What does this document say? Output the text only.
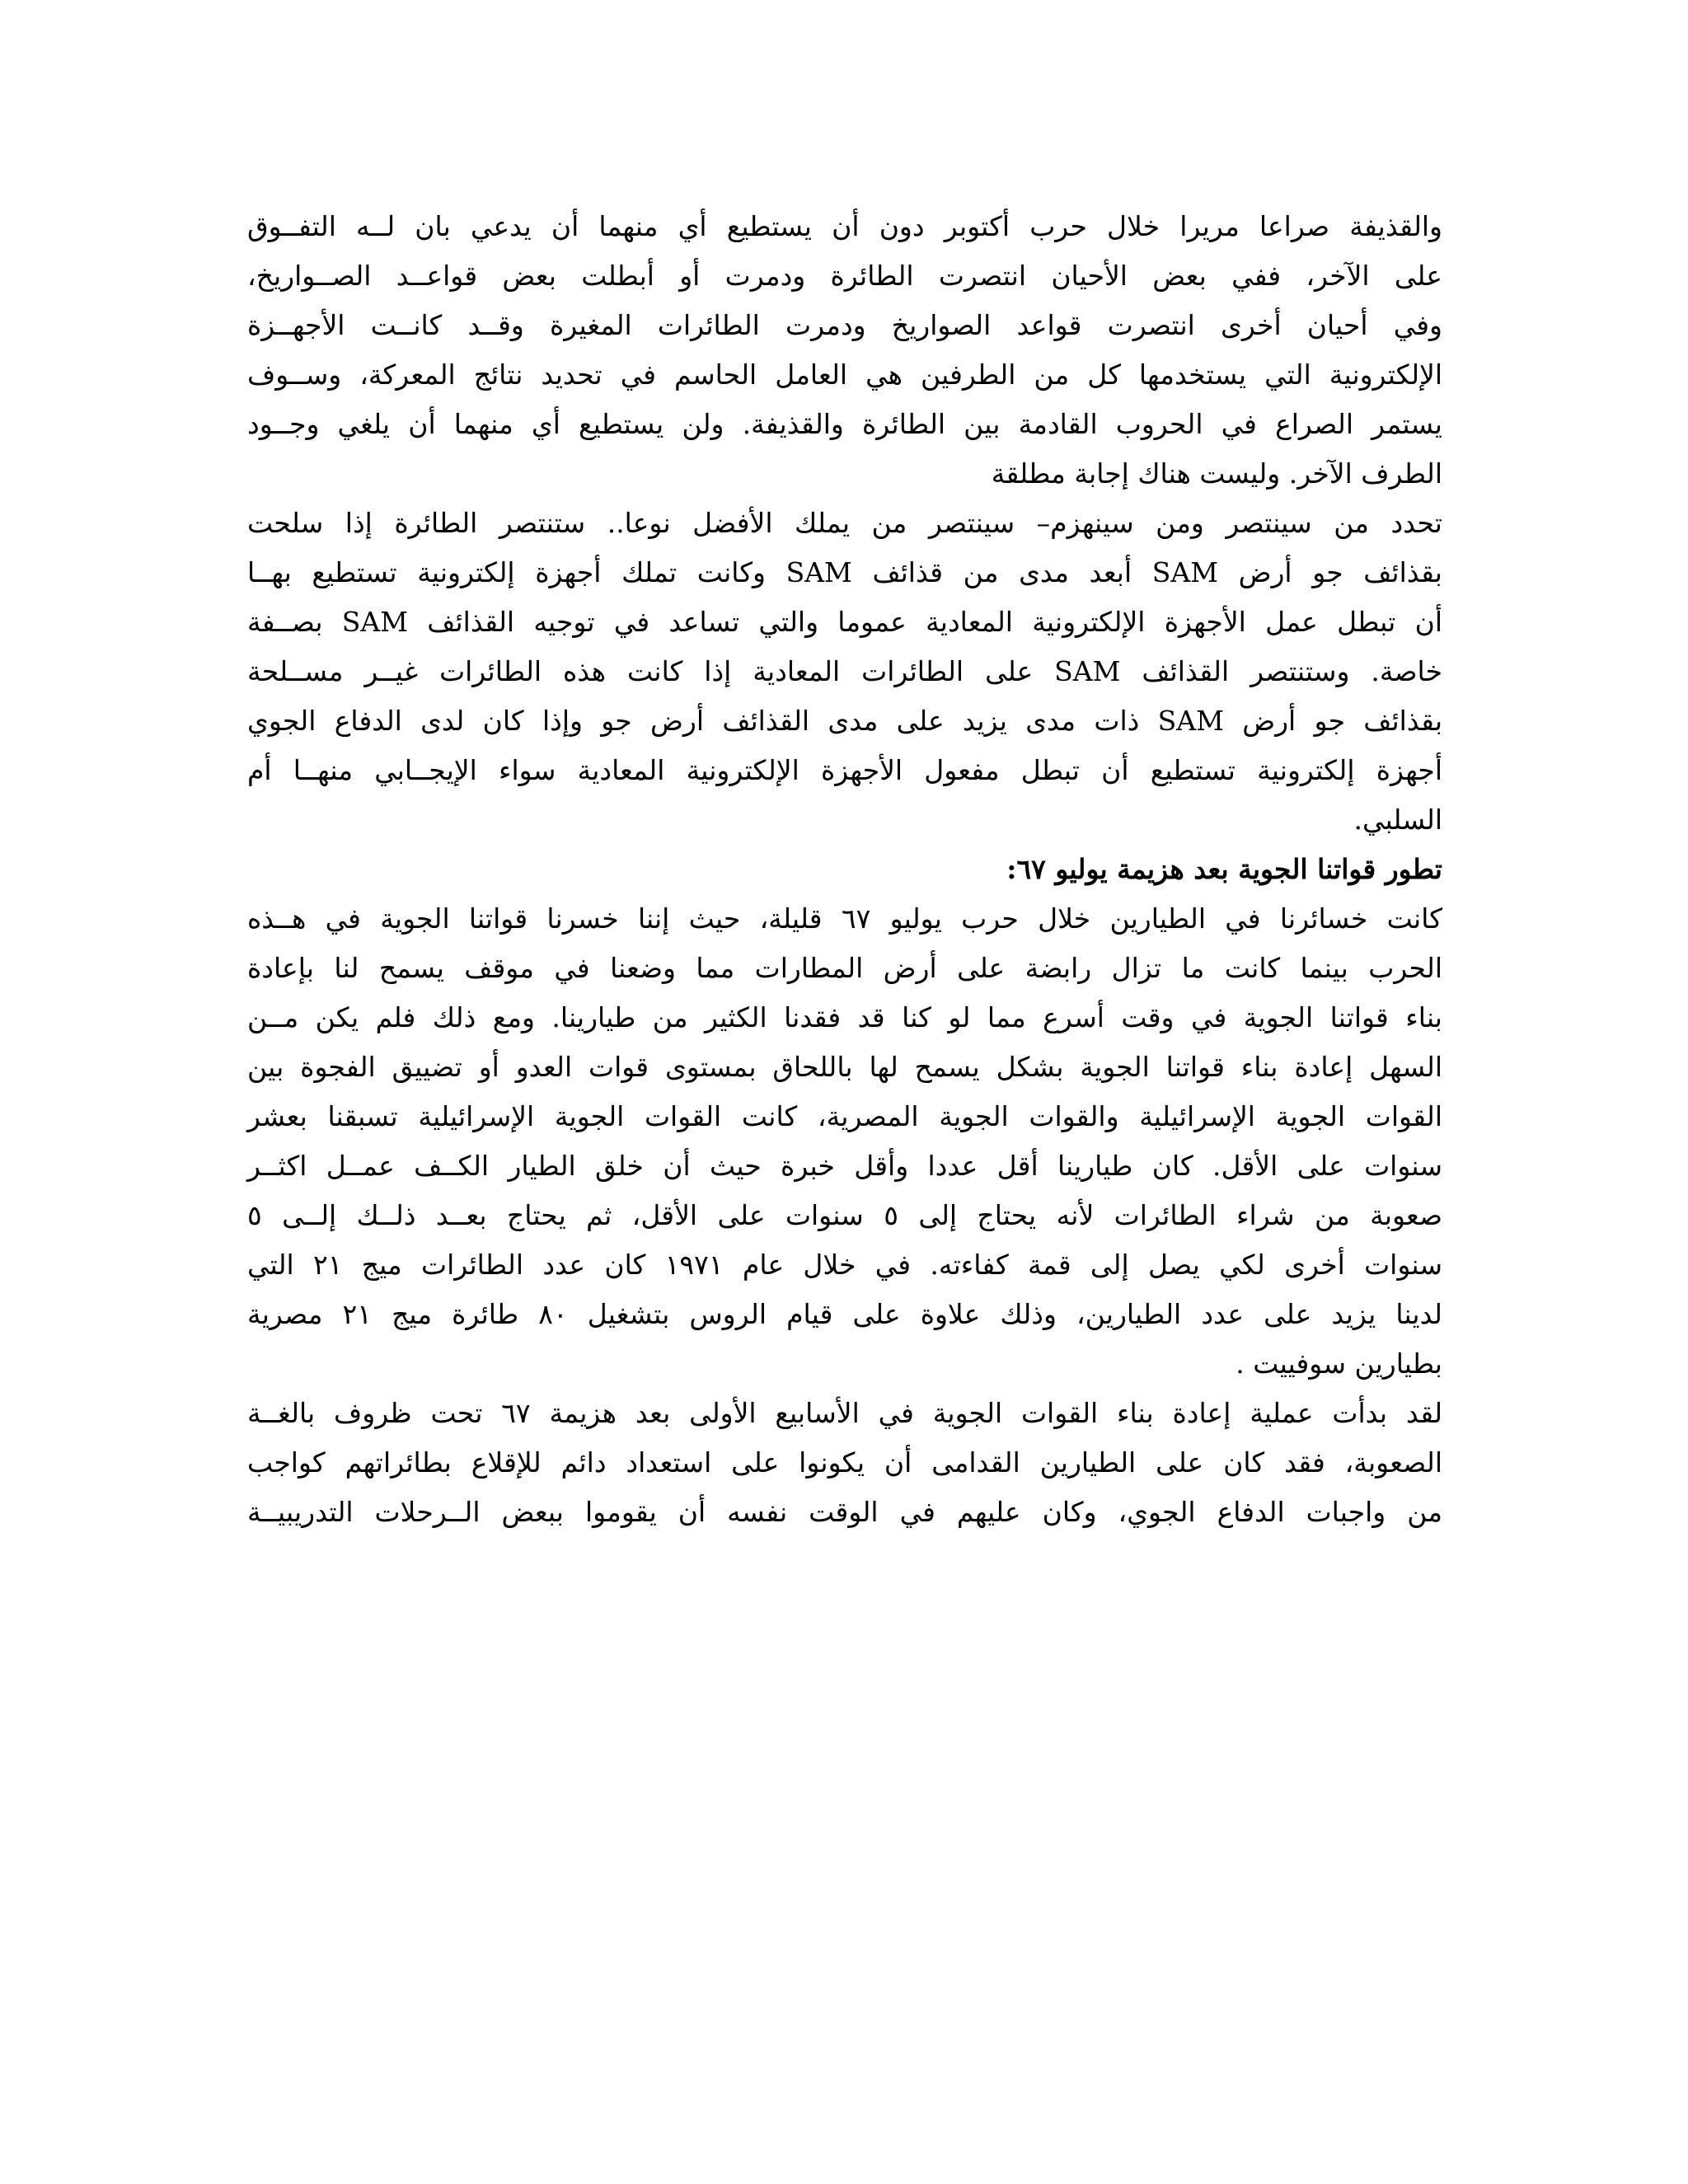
والقذيفة صراعا مريرا خلال حرب أكتوبر دون أن يستطيع أي منهما أن يدعي بان لــه التفــوق
على الآخر، ففي بعض الأحيان انتصرت الطائرة ودمرت أو أبطلت بعض قواعــد الصــواريخ،
وفي أحيان أخرى انتصرت قواعد الصواريخ ودمرت الطائرات المغيرة وقــد كانــت الأجهــزة
الإلكترونية التي يستخدمها كل من الطرفين هي العامل الحاسم في تحديد نتائج المعركة، وســوف
يستمر الصراع في الحروب القادمة بين الطائرة والقذيفة. ولن يستطيع أي منهما أن يلغي وجــود
الطرف الآخر. وليست هناك إجابة مطلقة
تحدد من سينتصر ومن سينهزم– سينتصر من يملك الأفضل نوعا.. ستنتصر الطائرة إذا سلحت
بقذائف جو أرض SAM أبعد مدى من قذائف SAM وكانت تملك أجهزة إلكترونية تستطيع بهــا
أن تبطل عمل الأجهزة الإلكترونية المعادية عموما والتي تساعد في توجيه القذائف SAM بصــفة
خاصة. وستنتصر القذائف SAM على الطائرات المعادية إذا كانت هذه الطائرات غيــر مســلحة
بقذائف جو أرض SAM ذات مدى يزيد على مدى القذائف أرض جو وإذا كان لدى الدفاع الجوي
أجهزة إلكترونية تستطيع أن تبطل مفعول الأجهزة الإلكترونية المعادية سواء الإيجــابي منهــا أم
السلبي.
تطور قواتنا الجوية بعد هزيمة يوليو ٦٧:
كانت خسائرنا في الطيارين خلال حرب يوليو ٦٧ قليلة، حيث إننا خسرنا قواتنا الجوية في هــذه
الحرب بينما كانت ما تزال رابضة على أرض المطارات مما وضعنا في موقف يسمح لنا بإعادة
بناء قواتنا الجوية في وقت أسرع مما لو كنا قد فقدنا الكثير من طيارينا. ومع ذلك فلم يكن مــن
السهل إعادة بناء قواتنا الجوية بشكل يسمح لها باللحاق بمستوى قوات العدو أو تضييق الفجوة بين
القوات الجوية الإسرائيلية والقوات الجوية المصرية، كانت القوات الجوية الإسرائيلية تسبقنا بعشر
سنوات على الأقل. كان طيارينا أقل عددا وأقل خبرة حيث أن خلق الطيار الكــف عمــل اكثــر
صعوبة من شراء الطائرات لأنه يحتاج إلى ٥ سنوات على الأقل، ثم يحتاج بعــد ذلــك إلــى ٥
سنوات أخرى لكي يصل إلى قمة كفاءته. في خلال عام ١٩٧١ كان عدد الطائرات ميج ٢١ التي
لدينا يزيد على عدد الطيارين، وذلك علاوة على قيام الروس بتشغيل ٨٠ طائرة ميج ٢١ مصرية
بطيارين سوفييت .
لقد بدأت عملية إعادة بناء القوات الجوية في الأسابيع الأولى بعد هزيمة ٦٧ تحت ظروف بالغــة
الصعوبة، فقد كان على الطيارين القدامى أن يكونوا على استعداد دائم للإقلاع بطائراتهم كواجب
من واجبات الدفاع الجوي، وكان عليهم في الوقت نفسه أن يقوموا ببعض الــرحلات التدريبيــة
